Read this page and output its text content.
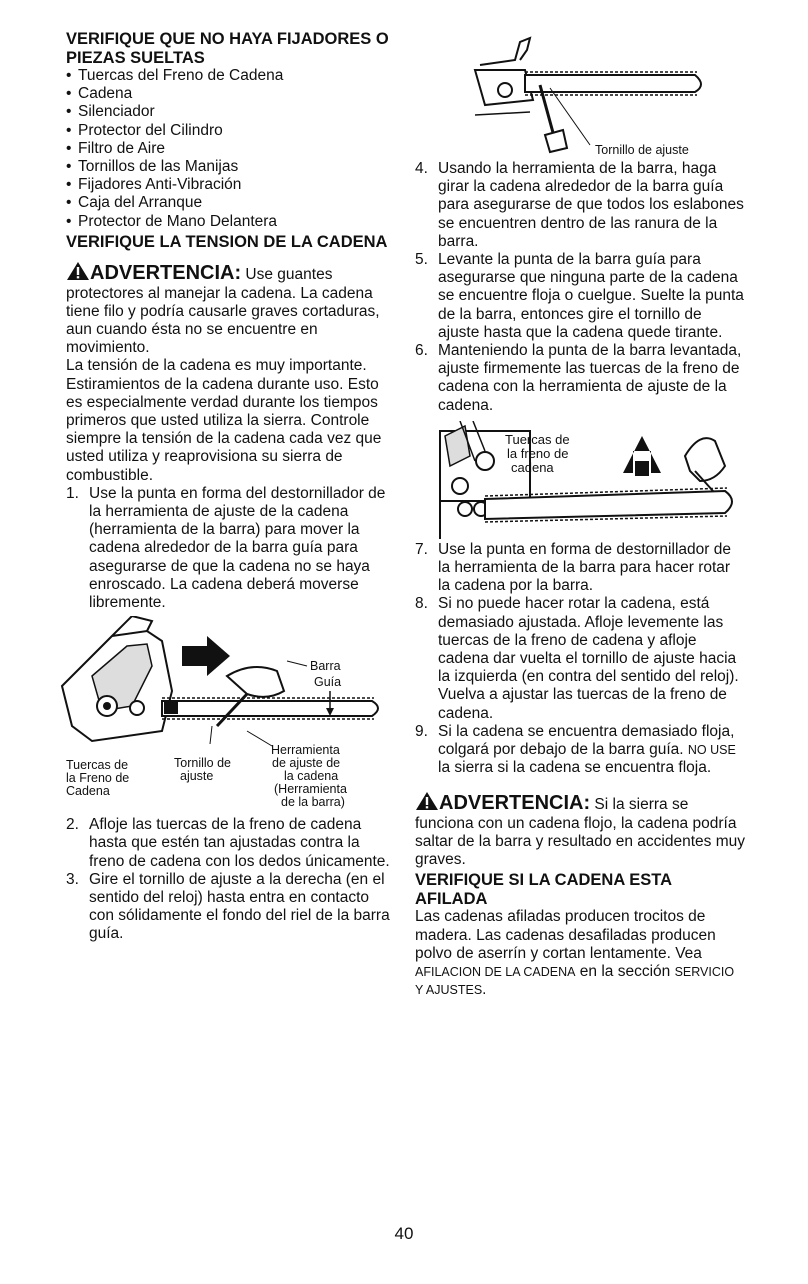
VERIFIQUE QUE NO HAYA FIJADORES O PIEZAS SUELTAS
• Tuercas del Freno de Cadena
• Cadena
• Silenciador
• Protector del Cilindro
• Filtro de Aire
• Tornillos de las Manijas
• Fijadores Anti-Vibración
• Caja del Arranque
• Protector de Mano Delantera
VERIFIQUE LA TENSION DE LA CADENA

ADVERTENCIA: Use guantes protectores al manejar la cadena. La cadena tiene filo y podría causarle graves cortaduras, aun cuando ésta no se encuentre en movimiento.

La tensión de la cadena es muy importante. Estiramientos de la cadena durante uso. Esto es especialmente verdad durante los tiempos primeros que usted utiliza la sierra. Controle siempre la tensión de la cadena cada vez que usted utiliza y reaprovisiona su sierra de combustible.

1. Use la punta en forma del destornillador de la herramienta de ajuste de la cadena (herramienta de la barra) para mover la cadena alrededor de la barra guía para asegurarse de que la cadena no se haya enroscado. La cadena deberá moverse libremente.
Barra
Guía
Herramienta
Tuercas de	Tornillo de	de ajuste de
la Freno de	ajuste	la cadena
Cadena	(Herramienta
de la barra)
2. Afloje las tuercas de la freno de cadena hasta que estén tan ajustadas contra la freno de cadena con los dedos únicamente.
3. Gire el tornillo de ajuste a la derecha (en el sentido del reloj) hasta entra en contacto con sólidamente el fondo del riel de la barra guía.
Tornillo de ajuste
4. Usando la herramienta de la barra, haga girar la cadena alrededor de la barra guía para asegurarse de que todos los eslabones se encuentren dentro de las ranura de la barra.
5. Levante la punta de la barra guía para asegurarse que ninguna parte de la cadena se encuentre floja o cuelgue. Suelte la punta de la barra, entonces gire el tornillo de ajuste hasta que la cadena quede tirante.
6. Manteniendo la punta de la barra levantada, ajuste firmemente las tuercas de la freno de cadena con la herramienta de ajuste de la cadena.
Tuercas de
la freno de
cadena
7. Use la punta en forma de destornillador de la herramienta de la barra para hacer rotar la cadena por la barra.
8. Si no puede hacer rotar la cadena, está demasiado ajustada. Afloje levemente las tuercas de la freno de cadena y afloje cadena dar vuelta el tornillo de ajuste hacia la izquierda (en contra del sentido del reloj). Vuelva a ajustar las tuercas de la freno de cadena.
9. Si la cadena se encuentra demasiado floja, colgará por debajo de la barra guía. NO USE la sierra si la cadena se encuentra floja.

ADVERTENCIA: Si la sierra se funciona con un cadena flojo, la cadena podría saltar de la barra y resultado en accidentes muy graves.

VERIFIQUE SI LA CADENA ESTA AFILADA

Las cadenas afiladas producen trocitos de madera. Las cadenas desafiladas producen polvo de aserrín y cortan lentamente. Vea AFILACION DE LA CADENA en la sección SERVICIO Y AJUSTES.

40
